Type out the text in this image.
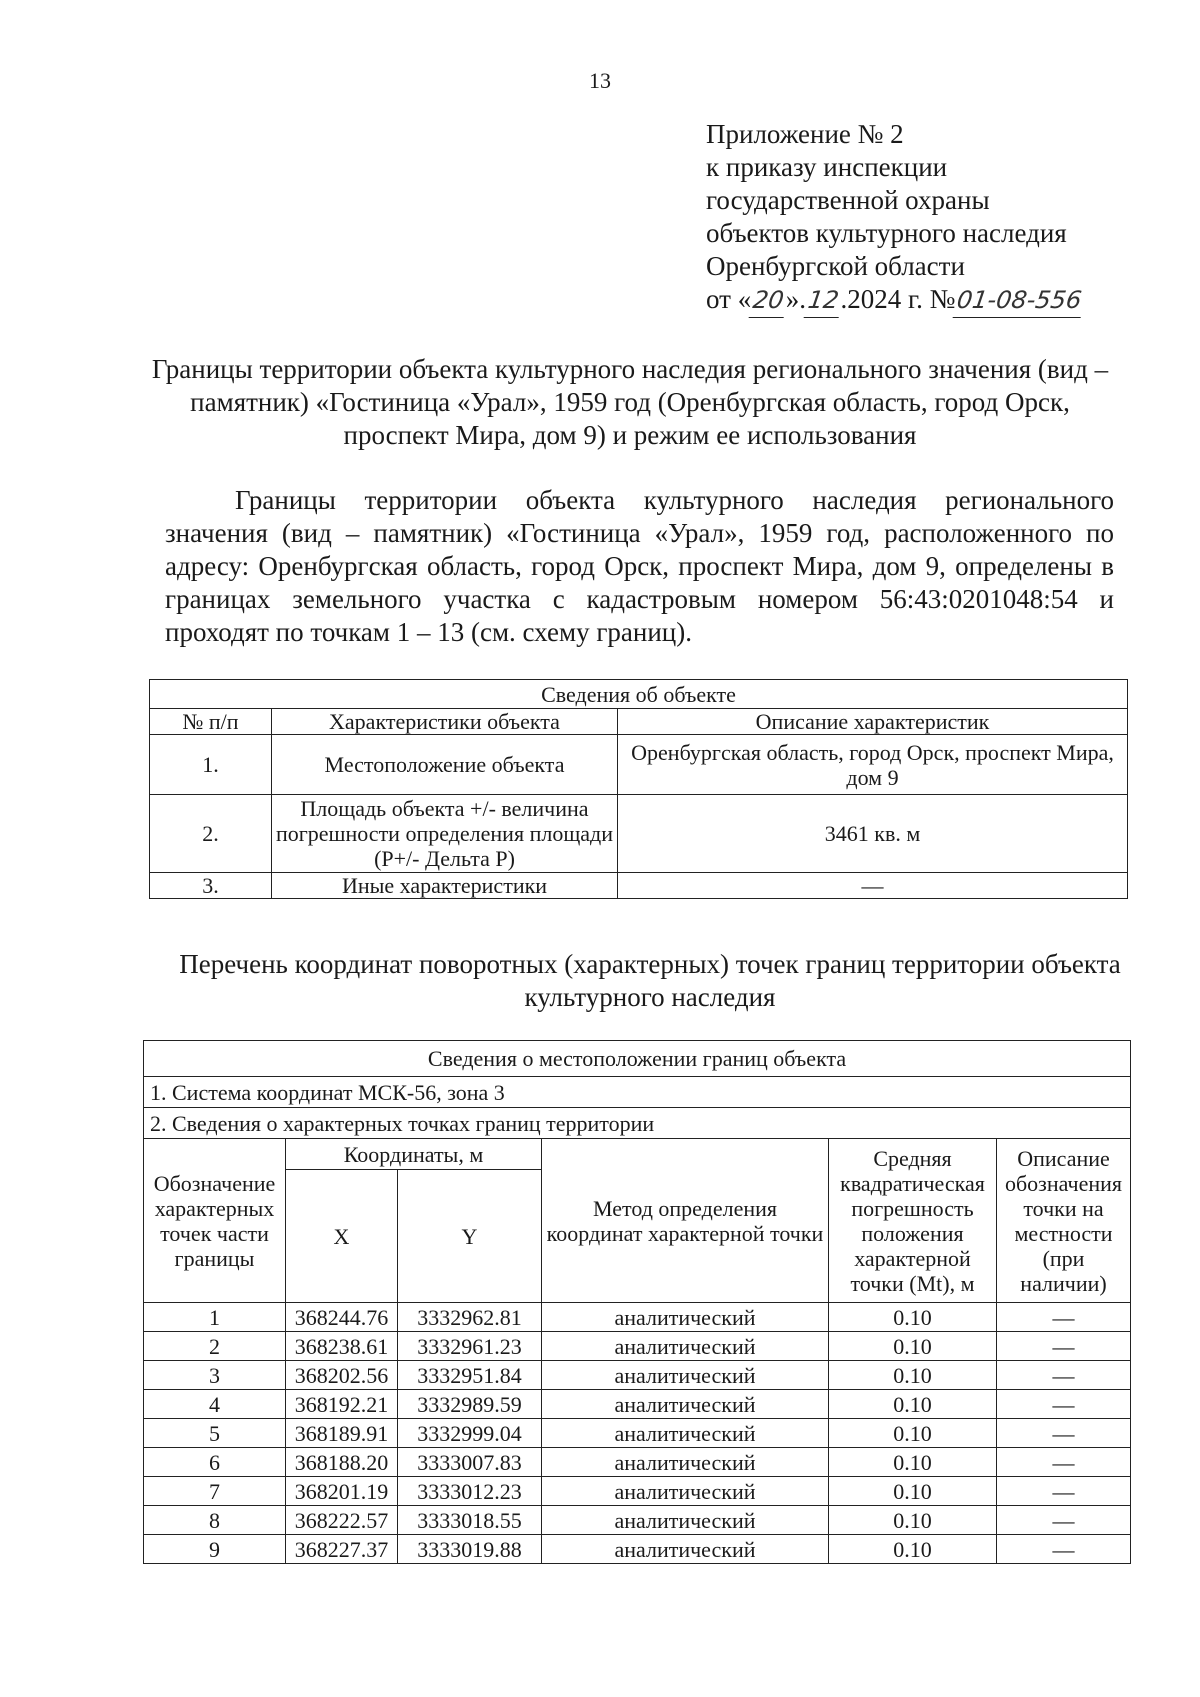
13
Приложение № 2
к приказу инспекции
государственной охраны
объектов культурного наследия
Оренбургской области
от «20».12.2024 г. №01-08-556
Границы территории объекта культурного наследия регионального значения (вид – памятник) «Гостиница «Урал», 1959 год (Оренбургская область, город Орск, проспект Мира, дом 9) и режим ее использования
Границы территории объекта культурного наследия регионального значения (вид – памятник) «Гостиница «Урал», 1959 год, расположенного по адресу: Оренбургская область, город Орск, проспект Мира, дом 9, определены в границах земельного участка с кадастровым номером 56:43:0201048:54 и проходят по точкам 1 – 13 (см. схему границ).
Сведения об объекте		
№ п/п	Характеристики объекта	Описание характеристик
1.	Местоположение объекта	Оренбургская область, город Орск, проспект Мира, дом 9
2.	Площадь объекта +/- величина погрешности определения площади (Р+/- Дельта Р)	3461 кв. м
3.	Иные характеристики	—
Перечень координат поворотных (характерных) точек границ территории объекта культурного наследия
Сведения о местоположении границ объекта					
1. Система координат МСК-56, зона 3					
2. Сведения о характерных точках границ территории					
Обозначение характерных точек части границы	Координаты, м		Метод определения координат характерной точки	Средняя квадратическая погрешность положения характерной точки (Mt), м	Описание обозначения точки на местности (при наличии)
	X	Y			
1	368244.76	3332962.81	аналитический	0.10	—
2	368238.61	3332961.23	аналитический	0.10	—
3	368202.56	3332951.84	аналитический	0.10	—
4	368192.21	3332989.59	аналитический	0.10	—
5	368189.91	3332999.04	аналитический	0.10	—
6	368188.20	3333007.83	аналитический	0.10	—
7	368201.19	3333012.23	аналитический	0.10	—
8	368222.57	3333018.55	аналитический	0.10	—
9	368227.37	3333019.88	аналитический	0.10	—
